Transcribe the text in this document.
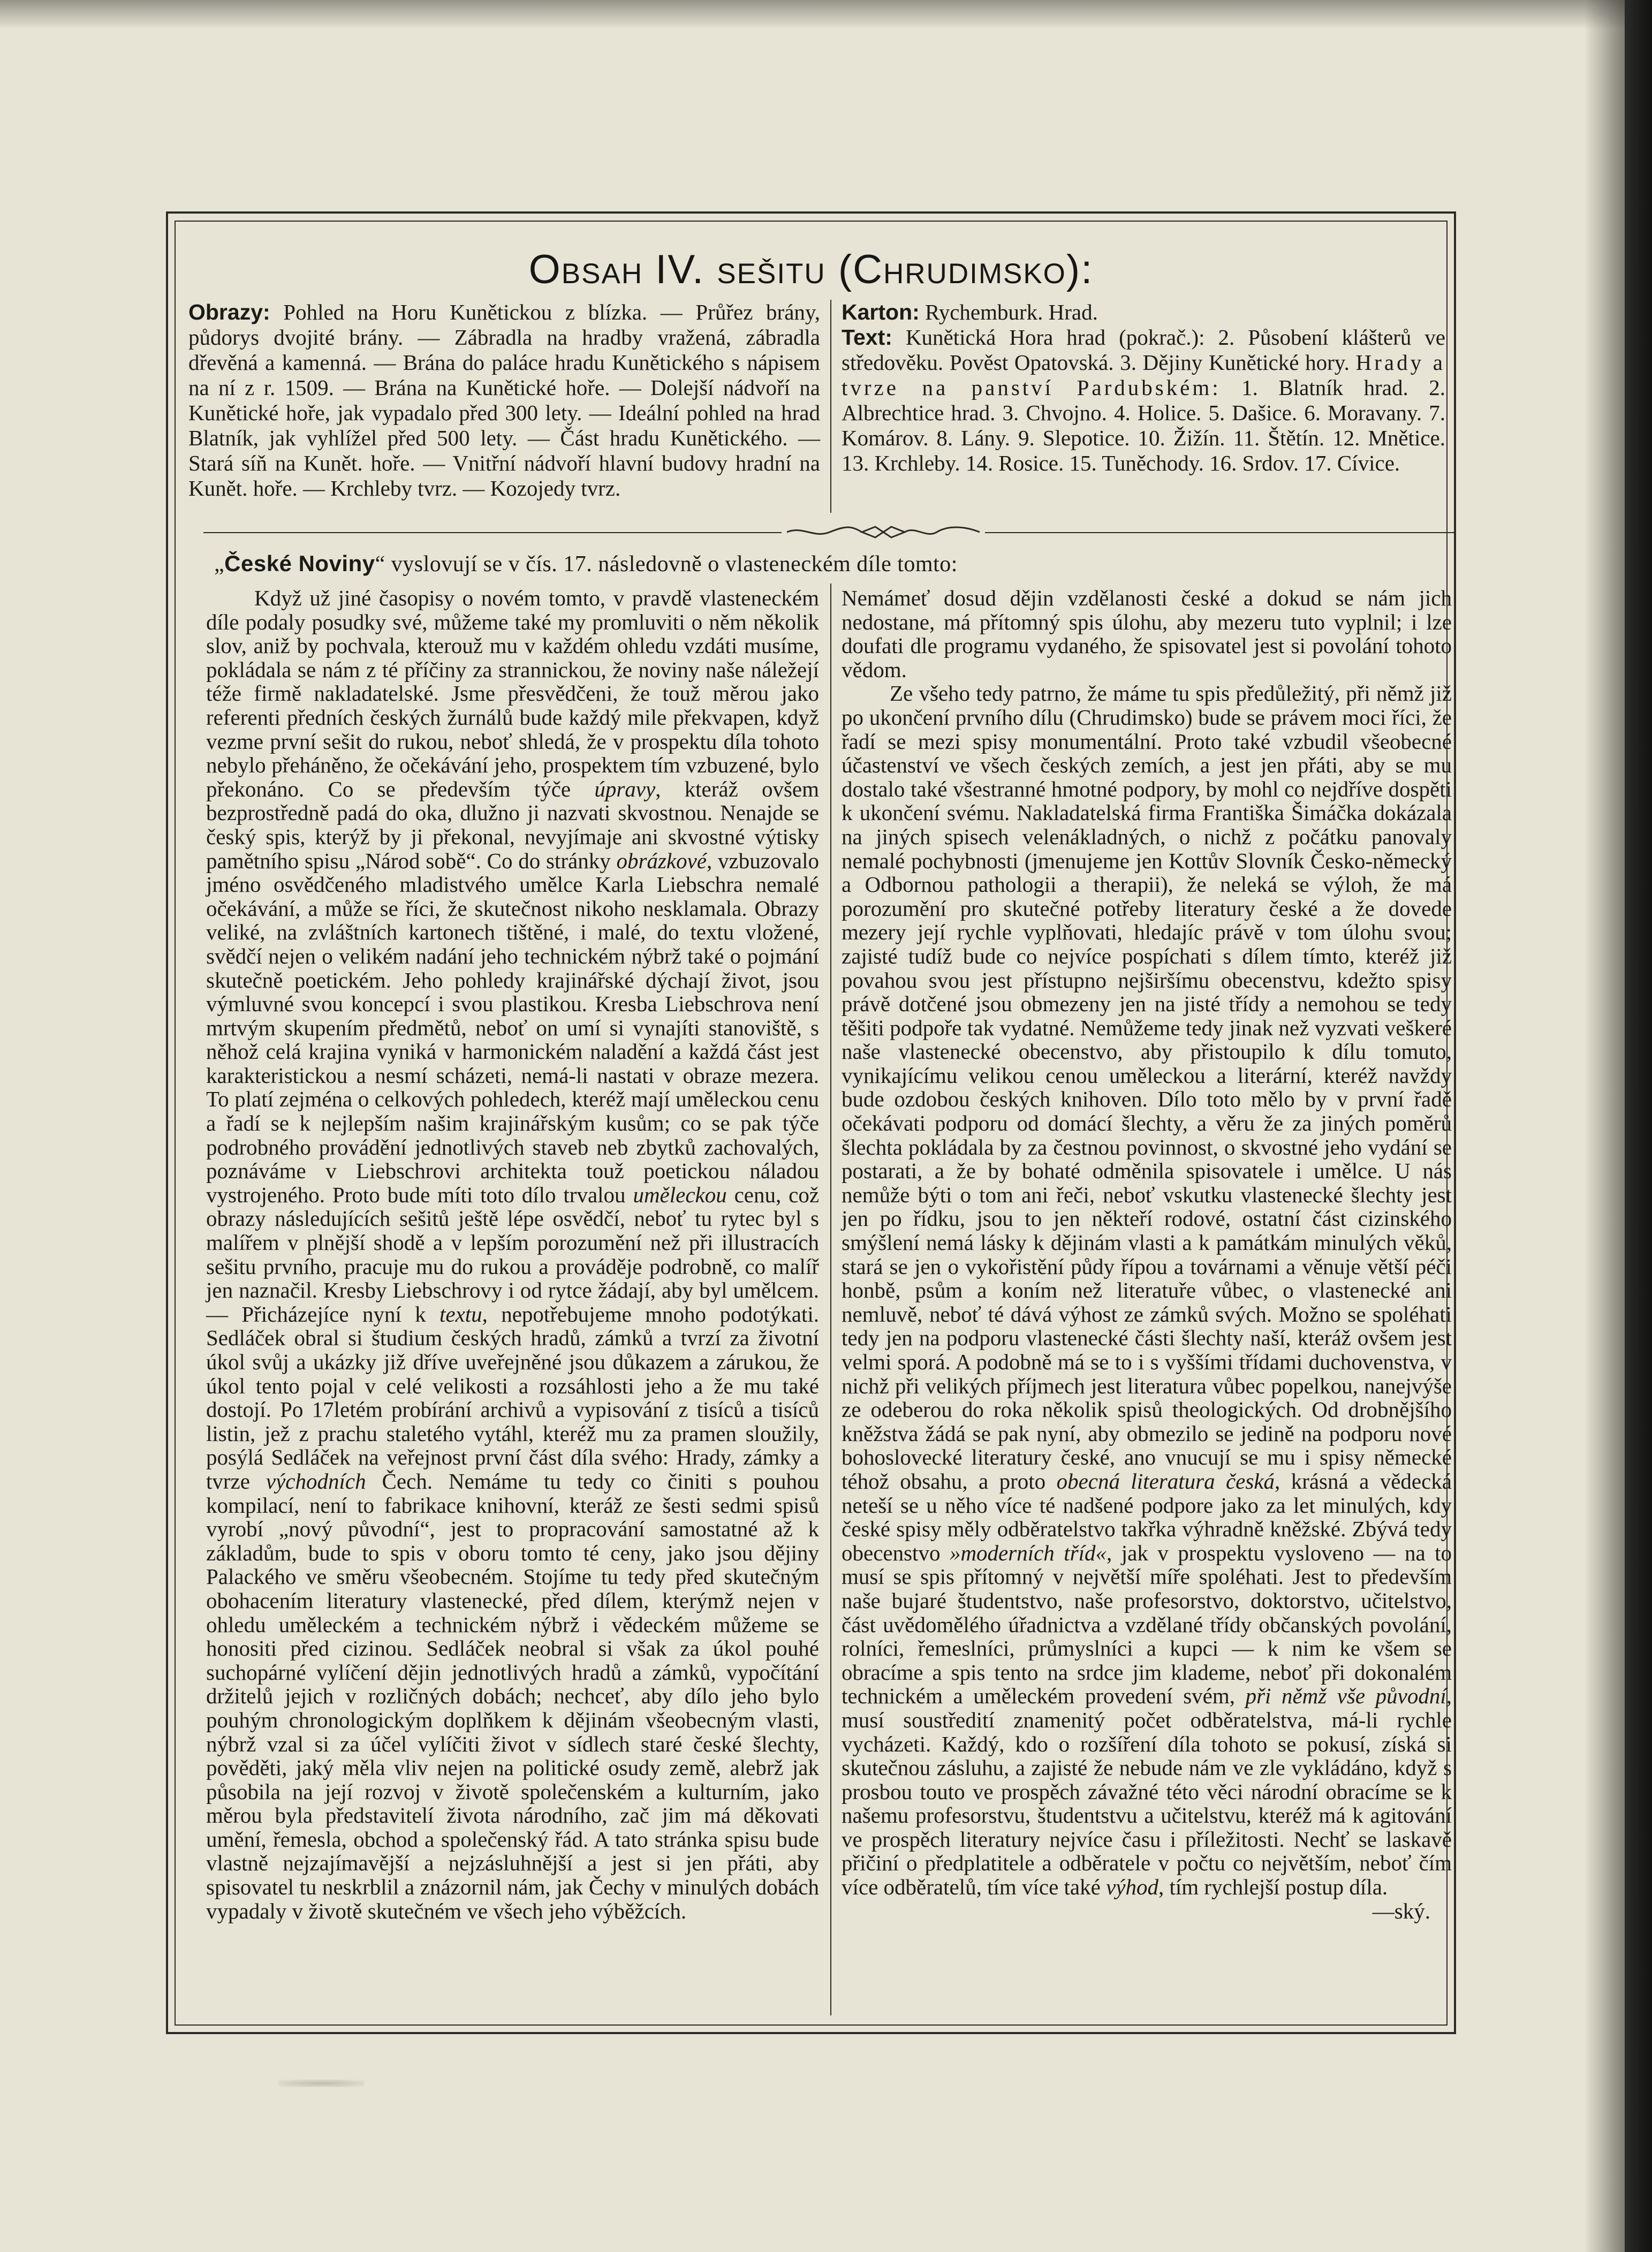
Obsah IV. sešitu (Chrudimsko):
Obrazy: Pohled na Horu Kunětickou z blízka. — Průřez brány, půdorys dvojité brány. — Zábradla na hradby vražená, zábradla dřevěná a kamenná. — Brána do paláce hradu Kunětického s nápisem na ní z r. 1509. — Brána na Kunětické hoře. — Dolejší nádvoří na Kunětické hoře, jak vypadalo před 300 lety. — Ideální pohled na hrad Blatník, jak vyhlížel před 500 lety. — Část hradu Kunětického. — Stará síň na Kunět. hoře. — Vnitřní nádvoří hlavní budovy hradní na Kunět. hoře. — Krchleby tvrz. — Kozojedy tvrz.
Karton: Rychemburk. Hrad.
Text: Kunětická Hora hrad (pokrač.): 2. Působení klášterů ve středověku. Pověst Opatovská. 3. Dějiny Kunětické hory. Hrady a tvrze na panství Pardubském: 1. Blatník hrad. 2. Albrechtice hrad. 3. Chvojno. 4. Holice. 5. Dašice. 6. Moravany. 7. Komárov. 8. Lány. 9. Slepotice. 10. Žižín. 11. Štětín. 12. Mnětice. 13. Krchleby. 14. Rosice. 15. Tuněchody. 16. Srdov. 17. Cívice.
„České Noviny“ vyslovují se v čís. 17. následovně o vlasteneckém díle tomto:

Když už jiné časopisy o novém tomto, v pravdě vlasteneckém díle podaly posudky své, můžeme také my promluviti o něm několik slov, aniž by pochvala, kterouž mu v každém ohledu vzdáti musíme, pokládala se nám z té příčiny za strannickou, že noviny naše náležejí téže firmě nakladatelské. Jsme přesvědčeni, že touž měrou jako referenti předních českých žurnálů bude každý mile překvapen, když vezme první sešit do rukou, neboť shledá, že v prospektu díla tohoto nebylo přeháněno, že očekávání jeho, prospektem tím vzbuzené, bylo překonáno. Co se především týče úpravy, kteráž ovšem bezprostředně padá do oka, dlužno ji nazvati skvostnou. Nenajde se český spis, kterýž by ji překonal, nevyjímaje ani skvostné výtisky pamětního spisu „Národ sobě“. Co do stránky obrázkové, vzbuzovalo jméno osvědčeného mladistvého umělce Karla Liebschra nemalé očekávání, a může se říci, že skutečnost nikoho nesklamala. Obrazy veliké, na zvláštních kartonech tištěné, i malé, do textu vložené, svědčí nejen o velikém nadání jeho technickém nýbrž také o pojmání skutečně poetickém. Jeho pohledy krajinářské dýchají život, jsou výmluvné svou koncepcí i svou plastikou. Kresba Liebschrova není mrtvým skupením předmětů, neboť on umí si vynajíti stanoviště, s něhož celá krajina vyniká v harmonickém naladění a každá část jest karakteristickou a nesmí scházeti, nemá-li nastati v obraze mezera. To platí zejména o celkových pohledech, kteréž mají uměleckou cenu a řadí se k nejlepším našim krajinářským kusům; co se pak týče podrobného provádění jednotlivých staveb neb zbytků zachovalých, poznáváme v Liebschrovi architekta touž poetickou náladou vystrojeného. Proto bude míti toto dílo trvalou uměleckou cenu, což obrazy následujících sešitů ještě lépe osvědčí, neboť tu rytec byl s malířem v plnější shodě a v lepším porozumění než při illustracích sešitu prvního, pracuje mu do rukou a prováděje podrobně, co malíř jen naznačil. Kresby Liebschrovy i od rytce žádají, aby byl umělcem. — Přicházejíce nyní k textu, nepotřebujeme mnoho podotýkati. Sedláček obral si študium českých hradů, zámků a tvrzí za životní úkol svůj a ukázky již dříve uveřejněné jsou důkazem a zárukou, že úkol tento pojal v celé velikosti a rozsáhlosti jeho a že mu také dostojí. Po 17letém probírání archivů a vypisování z tisíců a tisíců listin, jež z prachu staletého vytáhl, kteréž mu za pramen sloužily, posýlá Sedláček na veřejnost první část díla svého: Hrady, zámky a tvrze východních Čech. Nemáme tu tedy co činiti s pouhou kompilací, není to fabrikace knihovní, kteráž ze šesti sedmi spisů vyrobí „nový původní“, jest to propracování samostatné až k základům, bude to spis v oboru tomto té ceny, jako jsou dějiny Palackého ve směru všeobecném. Stojíme tu tedy před skutečným obohacením literatury vlastenecké, před dílem, kterýmž nejen v ohledu uměleckém a technickém nýbrž i vědeckém můžeme se honositi před cizinou. Sedláček neobral si však za úkol pouhé suchopárné vylíčení dějin jednotlivých hradů a zámků, vypočítání držitelů jejich v rozličných dobách; nechceť, aby dílo jeho bylo pouhým chronologickým doplňkem k dějinám všeobecným vlasti, nýbrž vzal si za účel vylíčiti život v sídlech staré české šlechty, pověděti, jaký měla vliv nejen na politické osudy země, alebrž jak působila na její rozvoj v životě společenském a kulturním, jako měrou byla představitelí života národního, zač jim má děkovati umění, řemesla, obchod a společenský řád. A tato stránka spisu bude vlastně nejzajímavější a nejzásluhnější a jest si jen přáti, aby spisovatel tu neskrblil a znázornil nám, jak Čechy v minulých dobách vypadaly v životě skutečném ve všech jeho výběžcích.

Nemámeť dosud dějin vzdělanosti české a dokud se nám jich nedostane, má přítomný spis úlohu, aby mezeru tuto vyplnil; i lze doufati dle programu vydaného, že spisovatel jest si povolání tohoto vědom.

Ze všeho tedy patrno, že máme tu spis předůležitý, při němž již po ukončení prvního dílu (Chrudimsko) bude se právem moci říci, že řadí se mezi spisy monumentální. Proto také vzbudil všeobecné účastenství ve všech českých zemích, a jest jen přáti, aby se mu dostalo také všestranné hmotné podpory, by mohl co nejdříve dospěti k ukončení svému. Nakladatelská firma Františka Šimáčka dokázala na jiných spisech velenákladných, o nichž z počátku panovaly nemalé pochybnosti (jmenujeme jen Kottův Slovník Česko-německý a Odbornou pathologii a therapii), že neleká se výloh, že má porozumění pro skutečné potřeby literatury české a že dovede mezery její rychle vyplňovati, hledajíc právě v tom úlohu svou; zajisté tudíž bude co nejvíce pospíchati s dílem tímto, kteréž již povahou svou jest přístupno nejširšímu obecenstvu, kdežto spisy právě dotčené jsou obmezeny jen na jisté třídy a nemohou se tedy těšiti podpoře tak vydatné. Nemůžeme tedy jinak než vyzvati veškeré naše vlastenecké obecenstvo, aby přistoupilo k dílu tomuto, vynikajícímu velikou cenou uměleckou a literární, kteréž navždy bude ozdobou českých knihoven. Dílo toto mělo by v první řadě očekávati podporu od domácí šlechty, a věru že za jiných poměrů šlechta pokládala by za čestnou povinnost, o skvostné jeho vydání se postarati, a že by bohaté odměnila spisovatele i umělce. U nás nemůže býti o tom ani řeči, neboť vskutku vlastenecké šlechty jest jen po řídku, jsou to jen někteří rodové, ostatní část cizinského smýšlení nemá lásky k dějinám vlasti a k památkám minulých věků, stará se jen o vykořistění půdy řípou a továrnami a věnuje větší péči honbě, psům a koním než literatuře vůbec, o vlastenecké ani nemluvě, neboť té dává výhost ze zámků svých. Možno se spoléhati tedy jen na podporu vlastenecké části šlechty naší, kteráž ovšem jest velmi sporá. A podobně má se to i s vyššími třídami duchovenstva, v nichž při velikých příjmech jest literatura vůbec popelkou, nanejvýše ze odeberou do roka několik spisů theologických. Od drobnějšího kněžstva žádá se pak nyní, aby obmezilo se jedině na podporu nové bohoslovecké literatury české, ano vnucují se mu i spisy německé téhož obsahu, a proto obecná literatura česká, krásná a vědecká neteší se u něho více té nadšené podpore jako za let minulých, kdy české spisy měly odběratelstvo takřka výhradně kněžské. Zbývá tedy obecenstvo »moderních tříd«, jak v prospektu vysloveno — na to musí se spis přítomný v největší míře spoléhati. Jest to především naše bujaré študentstvo, naše profesorstvo, doktorstvo, učitelstvo, část uvědomělého úřadnictva a vzdělané třídy občanských povolání, rolníci, řemeslníci, průmyslníci a kupci — k nim ke všem se obracíme a spis tento na srdce jim klademe, neboť při dokonalém technickém a uměleckém provedení svém, při němž vše původní, musí soustředití znamenitý počet odběratelstva, má-li rychle vycházeti. Každý, kdo o rozšíření díla tohoto se pokusí, získá si skutečnou zásluhu, a zajisté že nebude nám ve zle vykládáno, když s prosbou touto ve prospěch závažné této věci národní obracíme se k našemu profesorstvu, študentstvu a učitelstvu, kteréž má k agitování ve prospěch literatury nejvíce času i příležitosti. Nechť se laskavě přičiní o předplatitele a odběratele v počtu co největším, neboť čím více odběratelů, tím více také výhod, tím rychlejší postup díla.
—ský.
